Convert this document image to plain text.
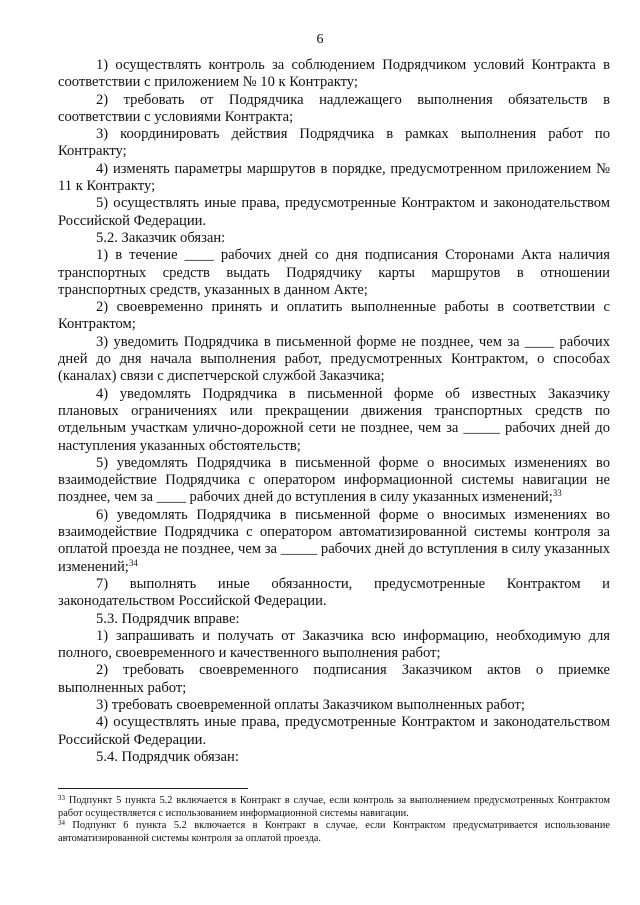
6

1) осуществлять контроль за соблюдением Подрядчиком условий Контракта в соответствии с приложением № 10 к Контракту;

2) требовать от Подрядчика надлежащего выполнения обязательств в соответствии с условиями Контракта;

3) координировать действия Подрядчика в рамках выполнения работ по Контракту;

4) изменять параметры маршрутов в порядке, предусмотренном приложением № 11 к Контракту;

5) осуществлять иные права, предусмотренные Контрактом и законодательством Российской Федерации.

5.2. Заказчик обязан:

1) в течение ____ рабочих дней со дня подписания Сторонами Акта наличия транспортных средств выдать Подрядчику карты маршрутов в отношении транспортных средств, указанных в данном Акте;

2) своевременно принять и оплатить выполненные работы в соответствии с Контрактом;

3) уведомить Подрядчика в письменной форме не позднее, чем за ____ рабочих дней до дня начала выполнения работ, предусмотренных Контрактом, о способах (каналах) связи с диспетчерской службой Заказчика;

4) уведомлять Подрядчика в письменной форме об известных Заказчику плановых ограничениях или прекращении движения транспортных средств по отдельным участкам улично-дорожной сети не позднее, чем за _____ рабочих дней до наступления указанных обстоятельств;

5) уведомлять Подрядчика в письменной форме о вносимых изменениях во взаимодействие Подрядчика с оператором информационной системы навигации не позднее, чем за ____ рабочих дней до вступления в силу указанных изменений;$^{33}$

6) уведомлять Подрядчика в письменной форме о вносимых изменениях во взаимодействие Подрядчика с оператором автоматизированной системы контроля за оплатой проезда не позднее, чем за _____ рабочих дней до вступления в силу указанных изменений;$^{34}$

7) выполнять иные обязанности, предусмотренные Контрактом и законодательством Российской Федерации.

5.3. Подрядчик вправе:

1) запрашивать и получать от Заказчика всю информацию, необходимую для полного, своевременного и качественного выполнения работ;

2) требовать своевременного подписания Заказчиком актов о приемке выполненных работ;

3) требовать своевременной оплаты Заказчиком выполненных работ;

4) осуществлять иные права, предусмотренные Контрактом и законодательством Российской Федерации.

5.4. Подрядчик обязан:

$^{33}$ Подпункт 5 пункта 5.2 включается в Контракт в случае, если контроль за выполнением предусмотренных Контрактом работ осуществляется с использованием информационной системы навигации.

$^{34}$ Подпункт 6 пункта 5.2 включается в Контракт в случае, если Контрактом предусматривается использование автоматизированной системы контроля за оплатой проезда.
